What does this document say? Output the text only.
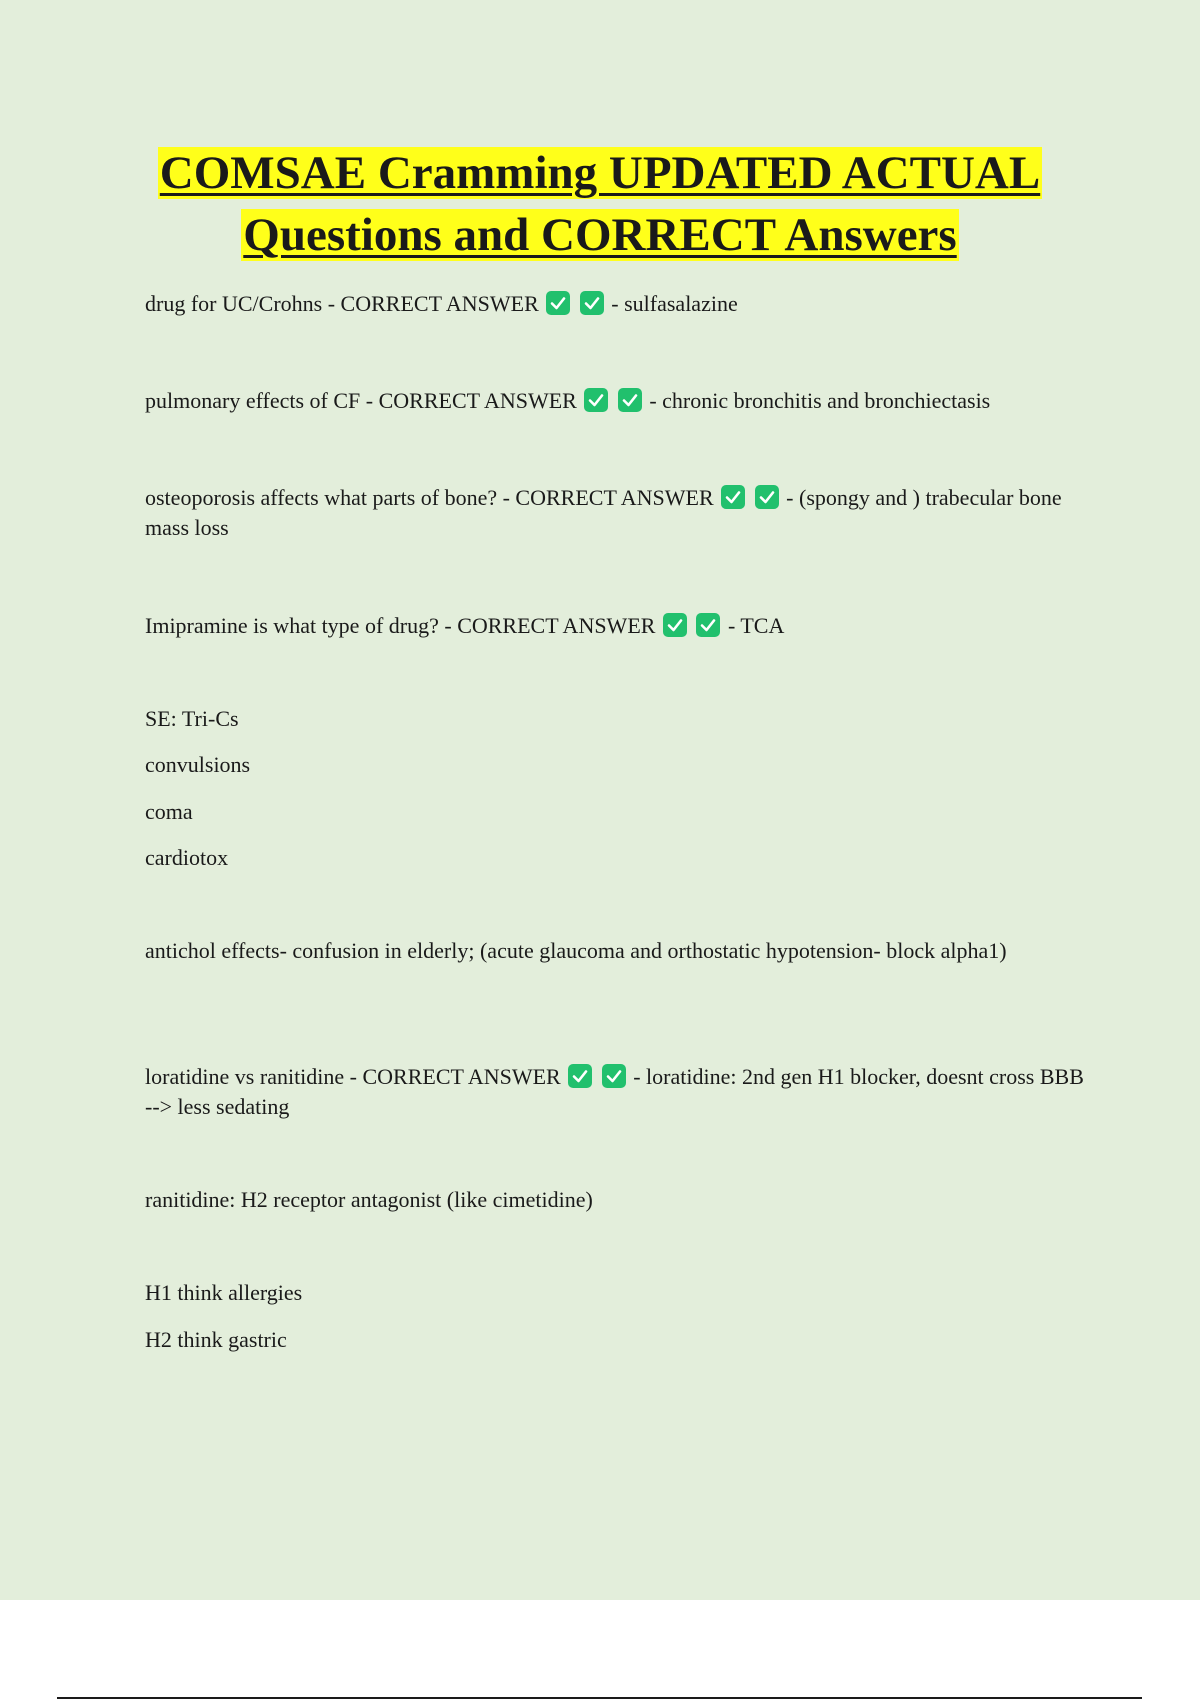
COMSAE Cramming UPDATED ACTUAL
Questions and CORRECT Answers

drug for UC/Crohns - CORRECT ANSWER
	- sulfasalazine

pulmonary effects of CF - CORRECT ANSWER
	- chronic bronchitis and bronchiectasis

osteoporosis affects what parts of bone? - CORRECT ANSWER
	- (spongy and ) trabecular bone mass loss

Imipramine is what type of drug? - CORRECT ANSWER
	- TCA

SE: Tri-Cs

convulsions

coma

cardiotox

antichol effects- confusion in elderly; (acute glaucoma and orthostatic hypotension- block alpha1)

loratidine vs ranitidine - CORRECT ANSWER
	- loratidine: 2nd gen H1 blocker, doesnt cross BBB --> less sedating

ranitidine: H2 receptor antagonist (like cimetidine)

H1 think allergies

H2 think gastric
